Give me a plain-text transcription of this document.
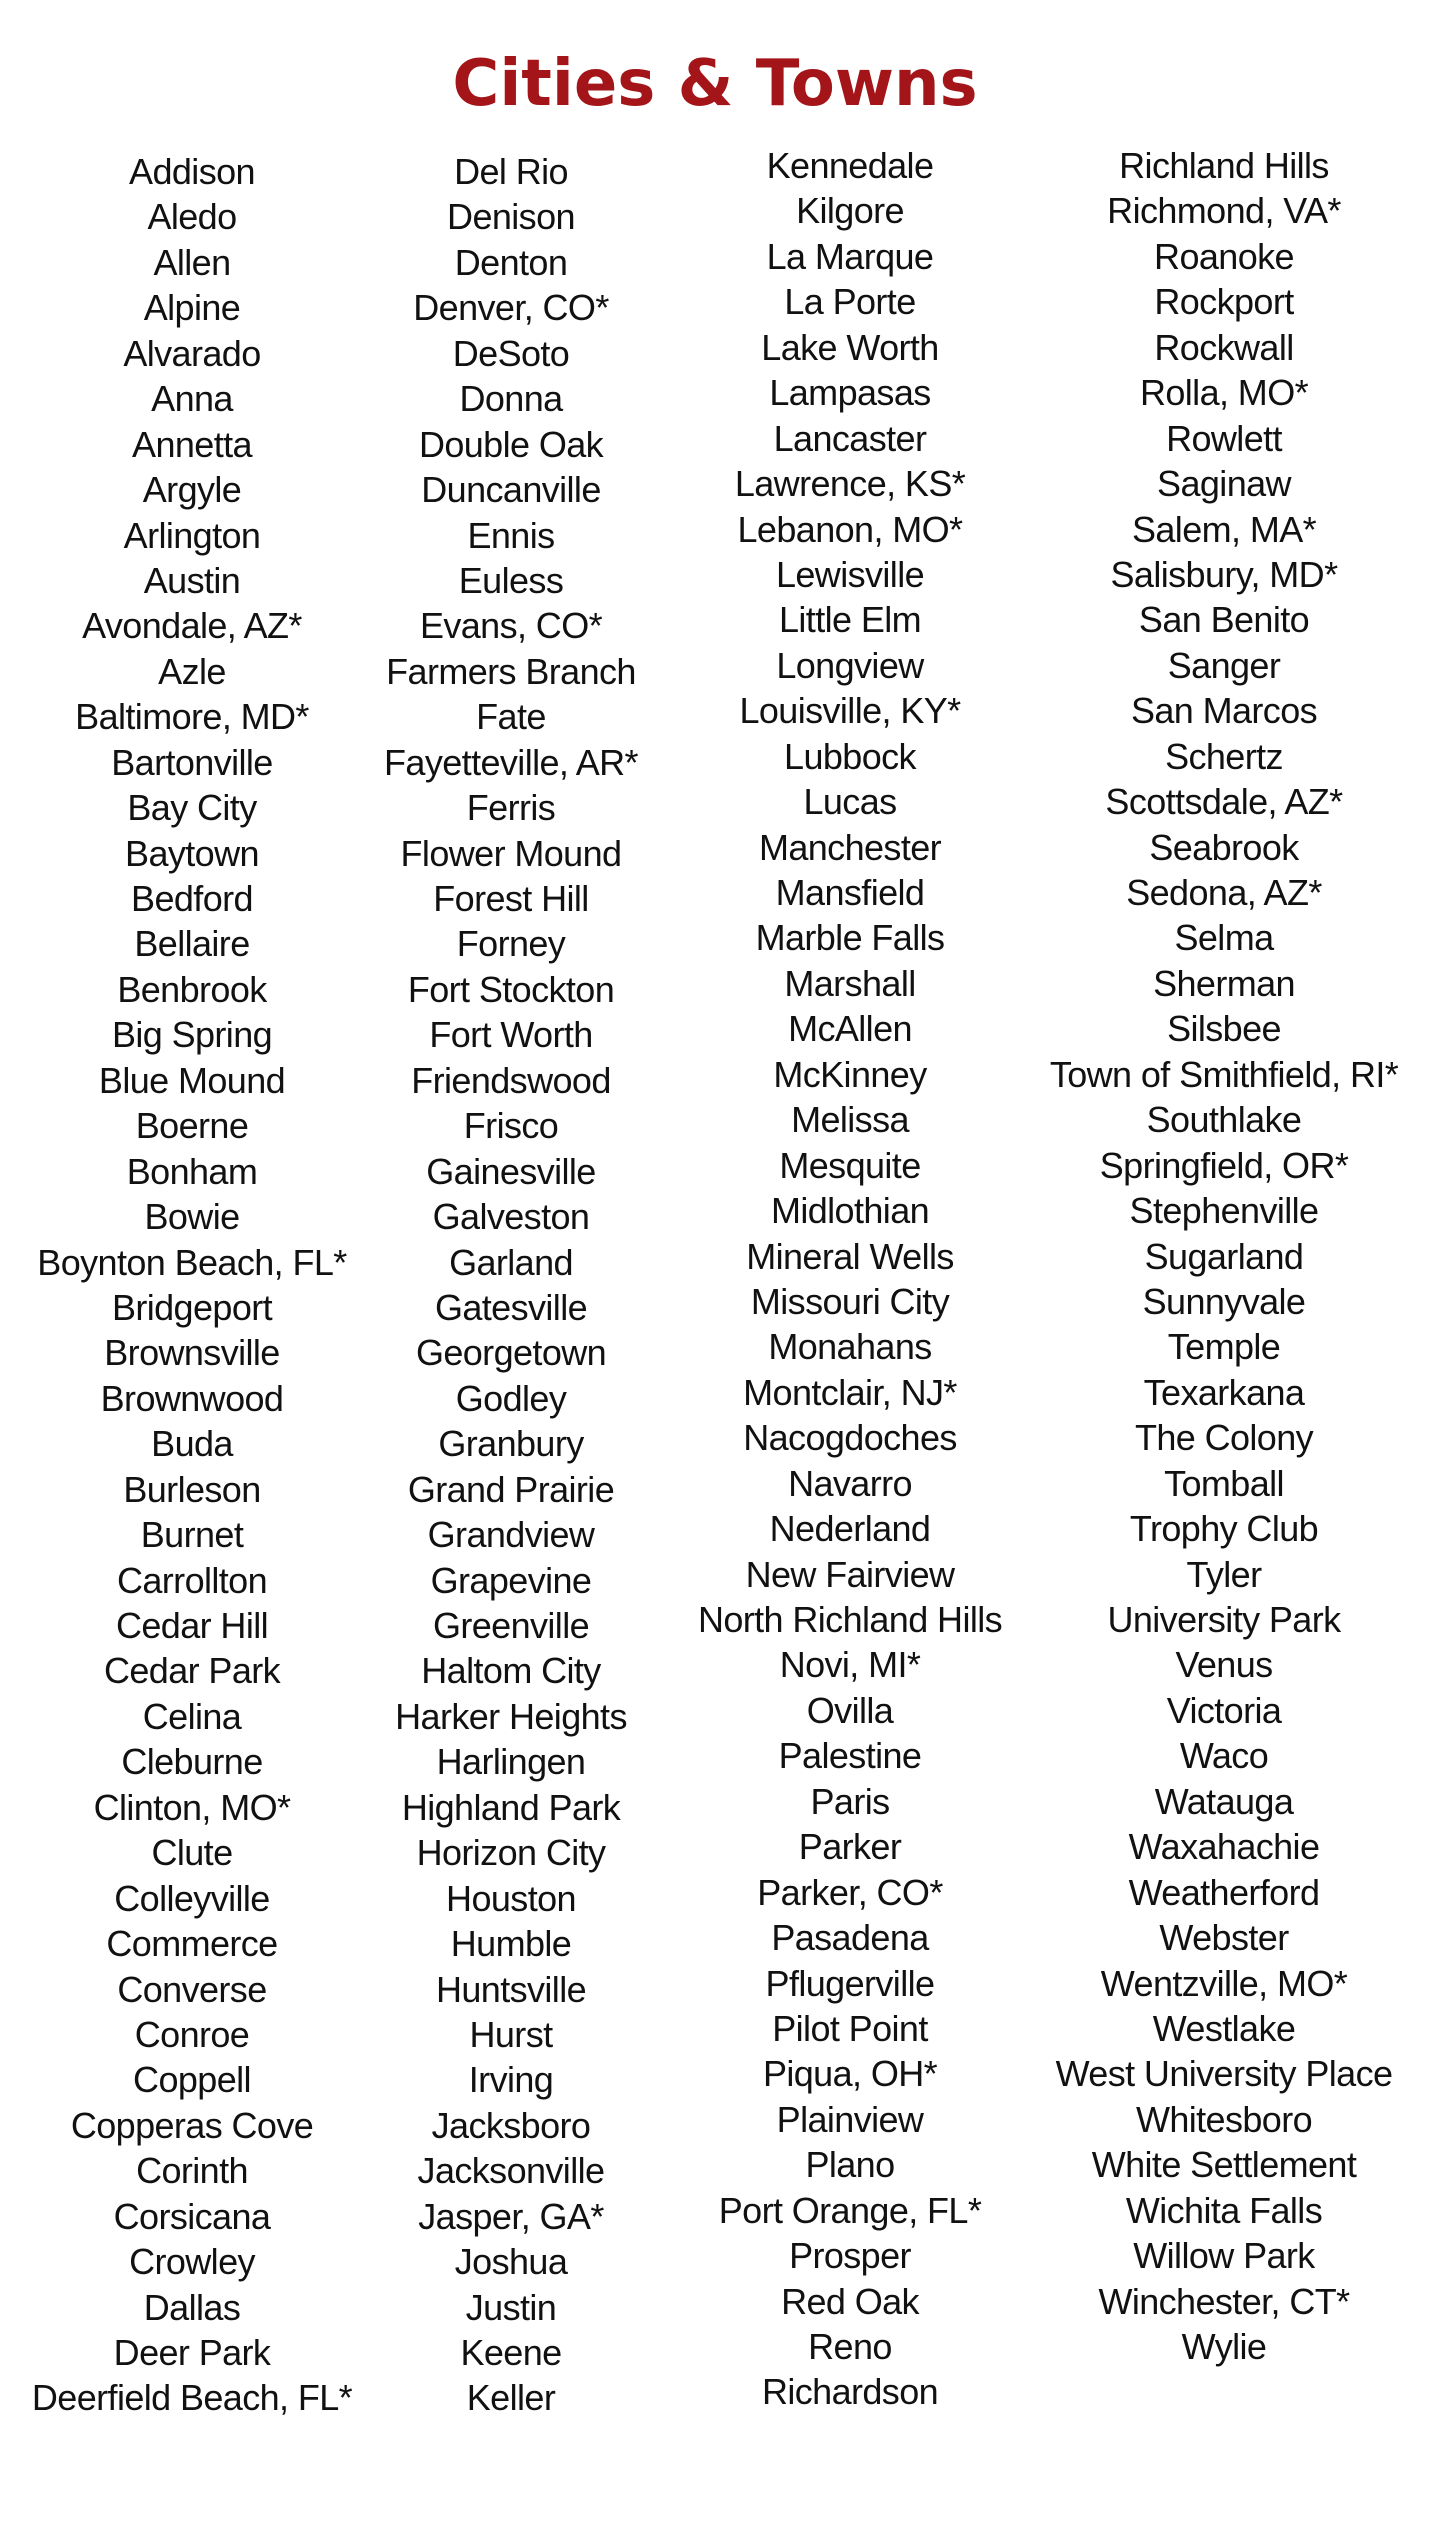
Cities & Towns
Addison
Aledo
Allen
Alpine
Alvarado
Anna
Annetta
Argyle
Arlington
Austin
Avondale, AZ*
Azle
Baltimore, MD*
Bartonville
Bay City
Baytown
Bedford
Bellaire
Benbrook
Big Spring
Blue Mound
Boerne
Bonham
Bowie
Boynton Beach, FL*
Bridgeport
Brownsville
Brownwood
Buda
Burleson
Burnet
Carrollton
Cedar Hill
Cedar Park
Celina
Cleburne
Clinton, MO*
Clute
Colleyville
Commerce
Converse
Conroe
Coppell
Copperas Cove
Corinth
Corsicana
Crowley
Dallas
Deer Park
Deerfield Beach, FL*
Del Rio
Denison
Denton
Denver, CO*
DeSoto
Donna
Double Oak
Duncanville
Ennis
Euless
Evans, CO*
Farmers Branch
Fate
Fayetteville, AR*
Ferris
Flower Mound
Forest Hill
Forney
Fort Stockton
Fort Worth
Friendswood
Frisco
Gainesville
Galveston
Garland
Gatesville
Georgetown
Godley
Granbury
Grand Prairie
Grandview
Grapevine
Greenville
Haltom City
Harker Heights
Harlingen
Highland Park
Horizon City
Houston
Humble
Huntsville
Hurst
Irving
Jacksboro
Jacksonville
Jasper, GA*
Joshua
Justin
Keene
Keller
Kennedale
Kilgore
La Marque
La Porte
Lake Worth
Lampasas
Lancaster
Lawrence, KS*
Lebanon, MO*
Lewisville
Little Elm
Longview
Louisville, KY*
Lubbock
Lucas
Manchester
Mansfield
Marble Falls
Marshall
McAllen
McKinney
Melissa
Mesquite
Midlothian
Mineral Wells
Missouri City
Monahans
Montclair, NJ*
Nacogdoches
Navarro
Nederland
New Fairview
North Richland Hills
Novi, MI*
Ovilla
Palestine
Paris
Parker
Parker, CO*
Pasadena
Pflugerville
Pilot Point
Piqua, OH*
Plainview
Plano
Port Orange, FL*
Prosper
Red Oak
Reno
Richardson
Richland Hills
Richmond, VA*
Roanoke
Rockport
Rockwall
Rolla, MO*
Rowlett
Saginaw
Salem, MA*
Salisbury, MD*
San Benito
Sanger
San Marcos
Schertz
Scottsdale, AZ*
Seabrook
Sedona, AZ*
Selma
Sherman
Silsbee
Town of Smithfield, RI*
Southlake
Springfield, OR*
Stephenville
Sugarland
Sunnyvale
Temple
Texarkana
The Colony
Tomball
Trophy Club
Tyler
University Park
Venus
Victoria
Waco
Watauga
Waxahachie
Weatherford
Webster
Wentzville, MO*
Westlake
West University Place
Whitesboro
White Settlement
Wichita Falls
Willow Park
Winchester, CT*
Wylie
